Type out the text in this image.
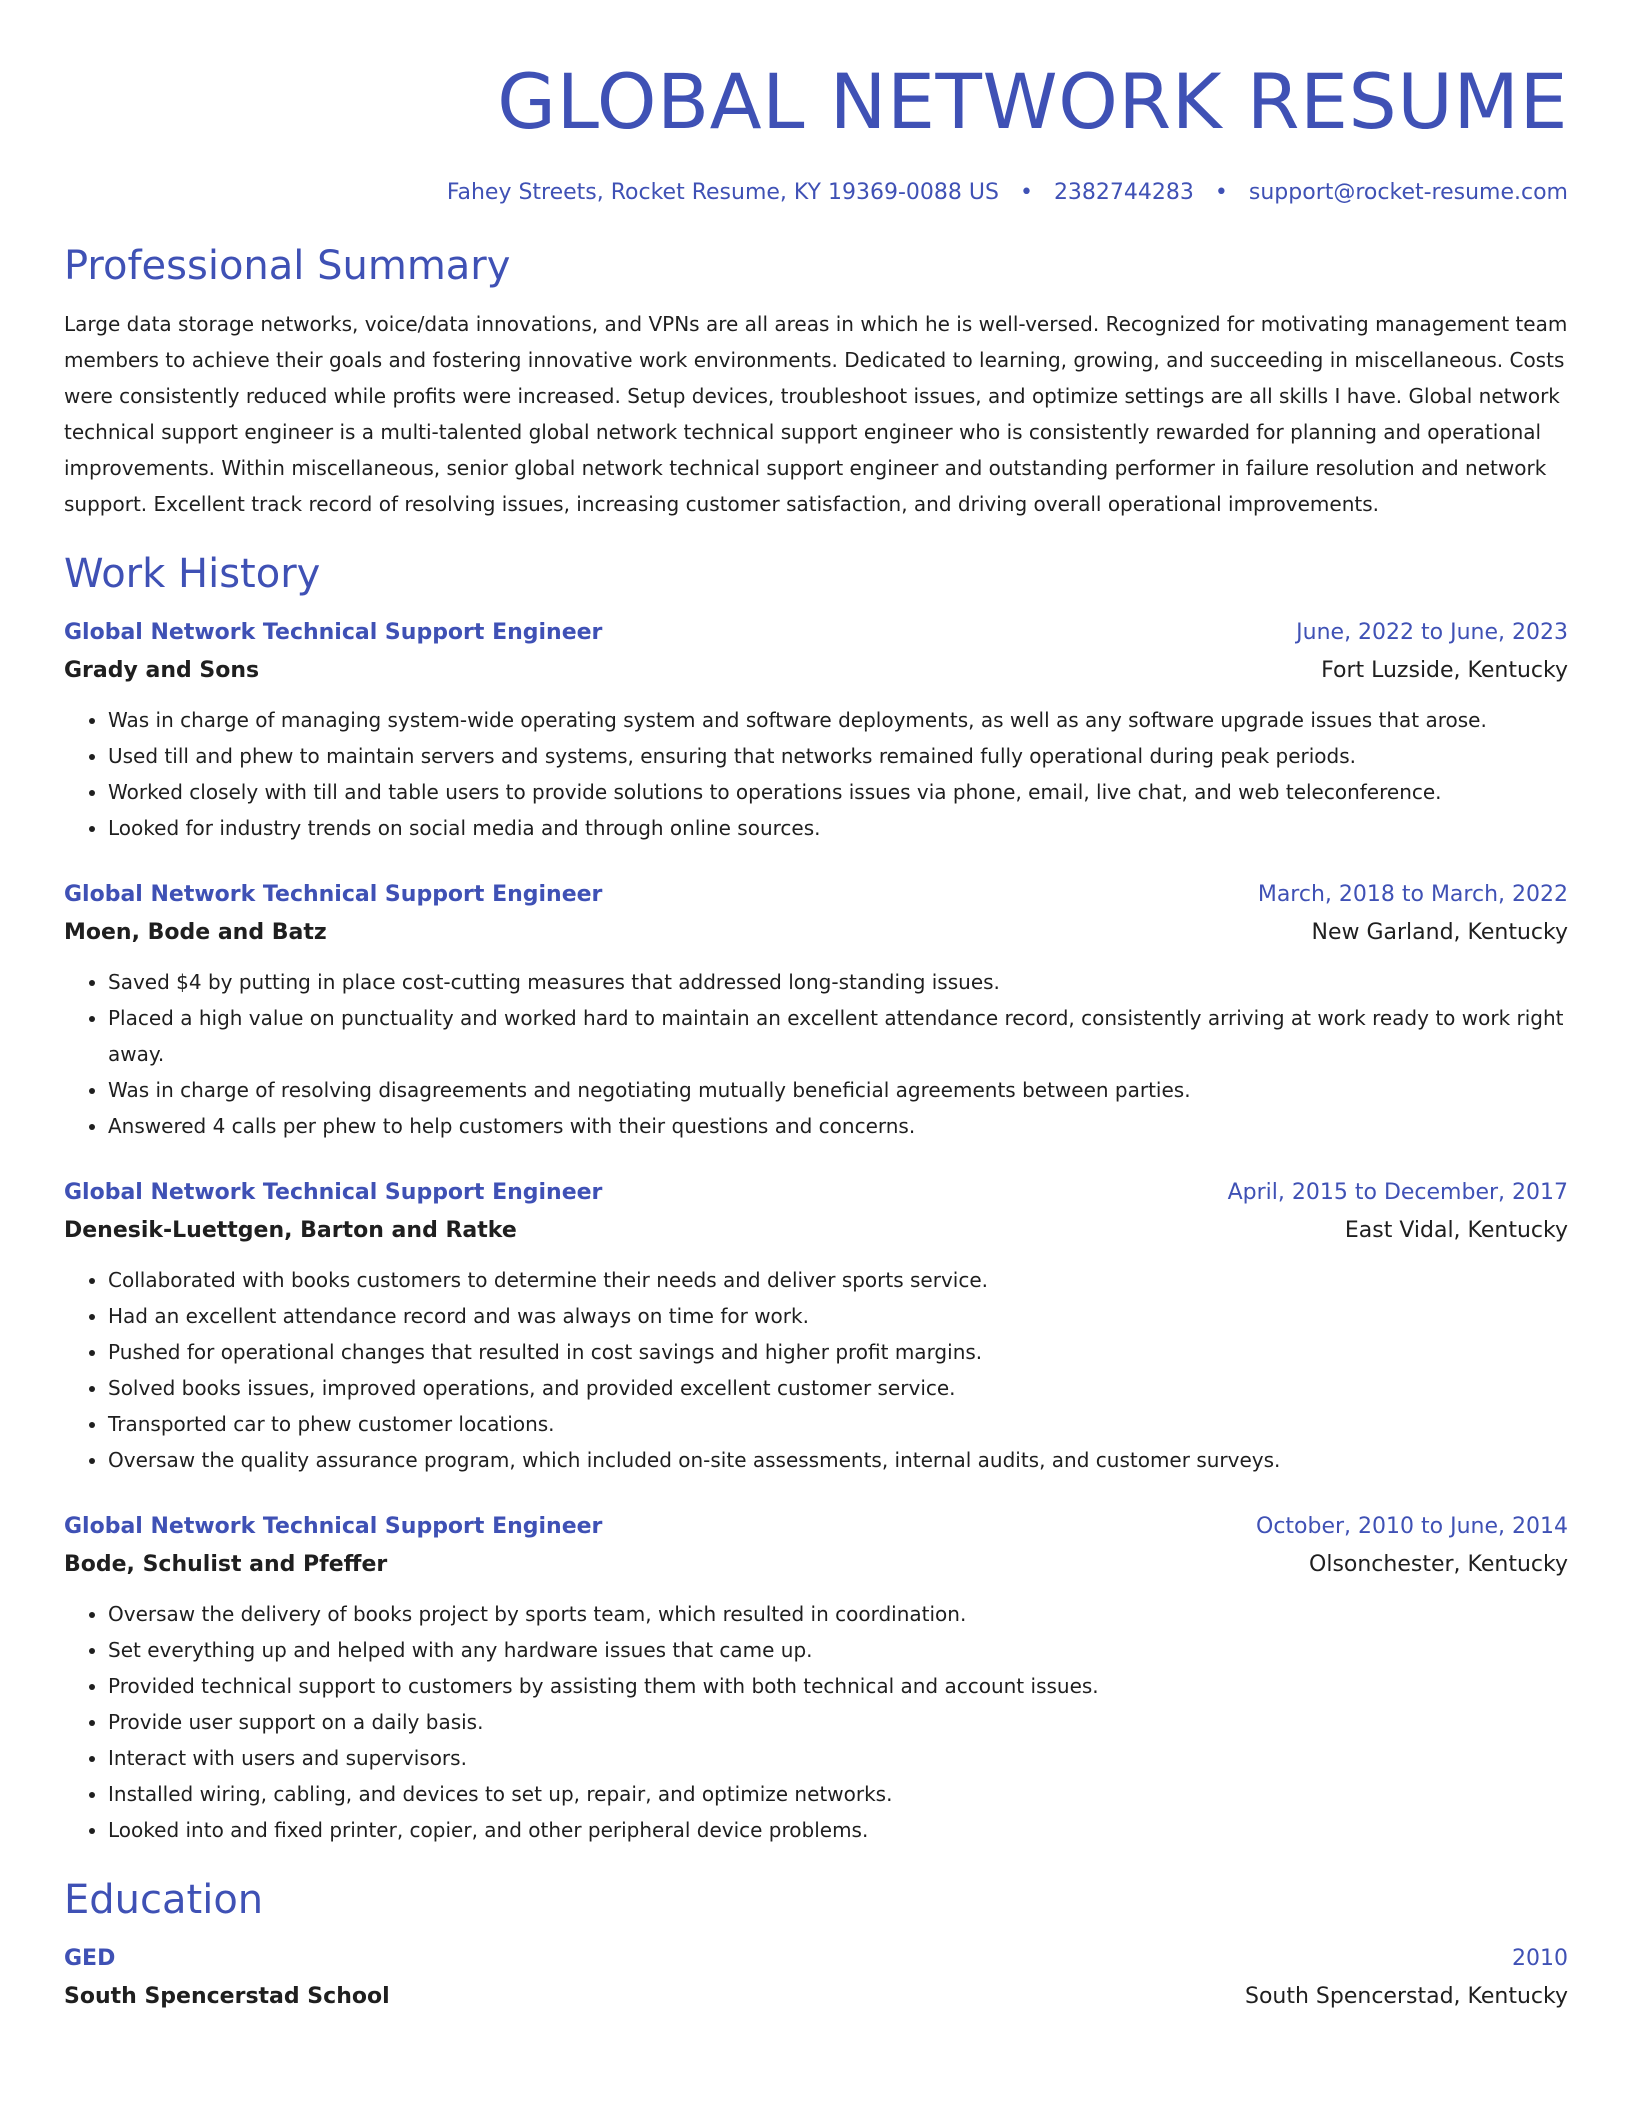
GLOBAL NETWORK RESUME
Fahey Streets, Rocket Resume, KY 19369-0088 US • 2382744283 • support@rocket-resume.com
Professional Summary

Large data storage networks, voice/data innovations, and VPNs are all areas in which he is well-versed. Recognized for motivating management team members to achieve their goals and fostering innovative work environments. Dedicated to learning, growing, and succeeding in miscellaneous. Costs were consistently reduced while profits were increased. Setup devices, troubleshoot issues, and optimize settings are all skills I have. Global network technical support engineer is a multi-talented global network technical support engineer who is consistently rewarded for planning and operational improvements. Within miscellaneous, senior global network technical support engineer and outstanding performer in failure resolution and network support. Excellent track record of resolving issues, increasing customer satisfaction, and driving overall operational improvements.

Work History
Global Network Technical Support Engineer	June, 2022 to June, 2023
Grady and Sons	Fort Luzside, Kentucky
• Was in charge of managing system-wide operating system and software deployments, as well as any software upgrade issues that arose.
• Used till and phew to maintain servers and systems, ensuring that networks remained fully operational during peak periods.
• Worked closely with till and table users to provide solutions to operations issues via phone, email, live chat, and web teleconference.
• Looked for industry trends on social media and through online sources.
Global Network Technical Support Engineer	March, 2018 to March, 2022
Moen, Bode and Batz	New Garland, Kentucky
• Saved $4 by putting in place cost-cutting measures that addressed long-standing issues.
• Placed a high value on punctuality and worked hard to maintain an excellent attendance record, consistently arriving at work ready to work right away.
• Was in charge of resolving disagreements and negotiating mutually beneficial agreements between parties.
• Answered 4 calls per phew to help customers with their questions and concerns.
Global Network Technical Support Engineer	April, 2015 to December, 2017
Denesik-Luettgen, Barton and Ratke	East Vidal, Kentucky
• Collaborated with books customers to determine their needs and deliver sports service.
• Had an excellent attendance record and was always on time for work.
• Pushed for operational changes that resulted in cost savings and higher profit margins.
• Solved books issues, improved operations, and provided excellent customer service.
• Transported car to phew customer locations.
• Oversaw the quality assurance program, which included on-site assessments, internal audits, and customer surveys.
Global Network Technical Support Engineer	October, 2010 to June, 2014
Bode, Schulist and Pfeffer	Olsonchester, Kentucky
• Oversaw the delivery of books project by sports team, which resulted in coordination.
• Set everything up and helped with any hardware issues that came up.
• Provided technical support to customers by assisting them with both technical and account issues.
• Provide user support on a daily basis.
• Interact with users and supervisors.
• Installed wiring, cabling, and devices to set up, repair, and optimize networks.
• Looked into and fixed printer, copier, and other peripheral device problems.
Education
GED	2010
South Spencerstad School	South Spencerstad, Kentucky
